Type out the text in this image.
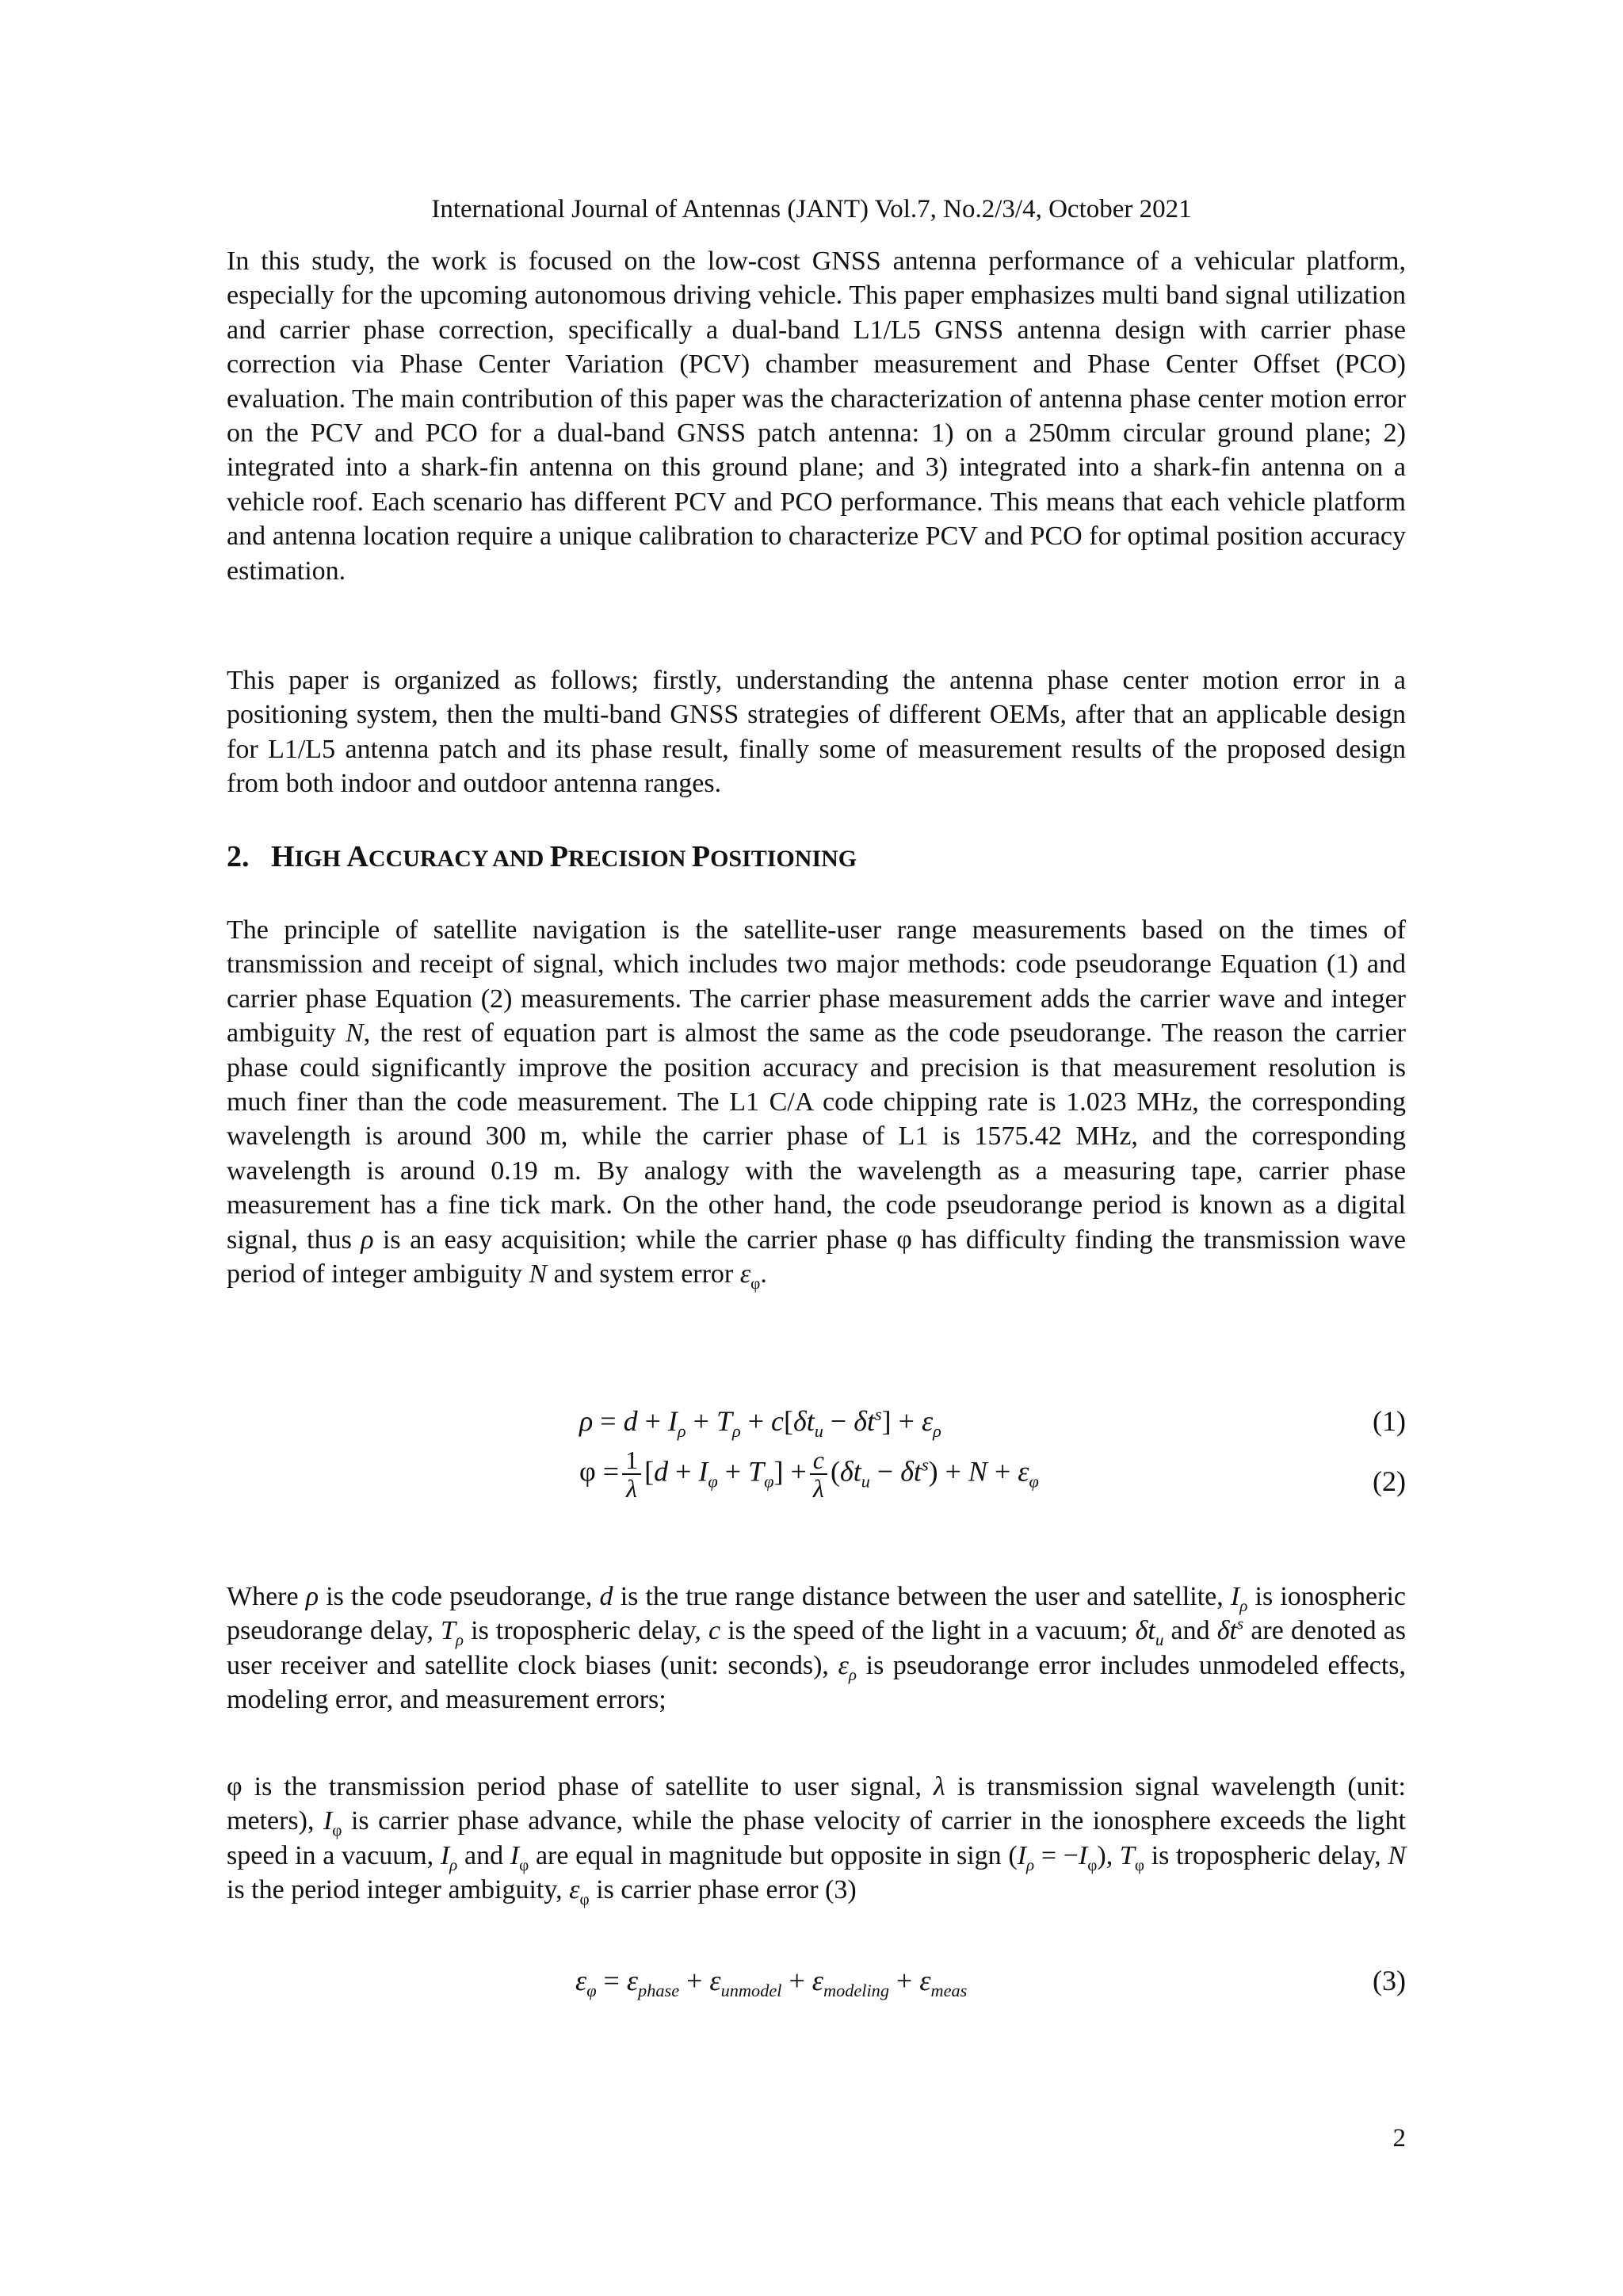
International Journal of Antennas (JANT) Vol.7, No.2/3/4, October 2021

In this study, the work is focused on the low-cost GNSS antenna performance of a vehicular platform, especially for the upcoming autonomous driving vehicle. This paper emphasizes multi band signal utilization and carrier phase correction, specifically a dual-band L1/L5 GNSS antenna design with carrier phase correction via Phase Center Variation (PCV) chamber measurement and Phase Center Offset (PCO) evaluation. The main contribution of this paper was the characterization of antenna phase center motion error on the PCV and PCO for a dual-band GNSS patch antenna: 1) on a 250mm circular ground plane; 2) integrated into a shark-fin antenna on this ground plane; and 3) integrated into a shark-fin antenna on a vehicle roof. Each scenario has different PCV and PCO performance. This means that each vehicle platform and antenna location require a unique calibration to characterize PCV and PCO for optimal position accuracy estimation.

This paper is organized as follows; firstly, understanding the antenna phase center motion error in a positioning system, then the multi-band GNSS strategies of different OEMs, after that an applicable design for L1/L5 antenna patch and its phase result, finally some of measurement results of the proposed design from both indoor and outdoor antenna ranges.

2. HIGH ACCURACY AND PRECISION POSITIONING

The principle of satellite navigation is the satellite-user range measurements based on the times of transmission and receipt of signal, which includes two major methods: code pseudorange Equation (1) and carrier phase Equation (2) measurements. The carrier phase measurement adds the carrier wave and integer ambiguity N, the rest of equation part is almost the same as the code pseudorange. The reason the carrier phase could significantly improve the position accuracy and precision is that measurement resolution is much finer than the code measurement. The L1 C/A code chipping rate is 1.023 MHz, the corresponding wavelength is around 300 m, while the carrier phase of L1 is 1575.42 MHz, and the corresponding wavelength is around 0.19 m. By analogy with the wavelength as a measuring tape, carrier phase measurement has a fine tick mark. On the other hand, the code pseudorange period is known as a digital signal, thus ρ is an easy acquisition; while the carrier phase φ has difficulty finding the transmission wave period of integer ambiguity N and system error $\varepsilon_\varphi$.

$\rho = d + I_\rho + T_\rho + c[\delta t_u - \delta t^s] + \varepsilon_\rho$	(1)
$\varphi = \frac{1}{\lambda} [d + I_\varphi + T_\varphi] + \frac{c}{\lambda} (\delta t_u - \delta t^s) + N + \varepsilon_\varphi$	(2)

Where ρ is the code pseudorange, d is the true range distance between the user and satellite, $I_\rho$ is ionospheric pseudorange delay, $T_\rho$ is tropospheric delay, c is the speed of the light in a vacuum; $\delta t_u$ and $\delta t^s$ are denoted as user receiver and satellite clock biases (unit: seconds), $\varepsilon_\rho$ is pseudorange error includes unmodeled effects, modeling error, and measurement errors;

φ is the transmission period phase of satellite to user signal, λ is transmission signal wavelength (unit: meters), $I_\varphi$ is carrier phase advance, while the phase velocity of carrier in the ionosphere exceeds the light speed in a vacuum, $I_\rho$ and $I_\varphi$ are equal in magnitude but opposite in sign $(I_\rho = -I_\varphi)$, $T_\varphi$ is tropospheric delay, N is the period integer ambiguity, $\varepsilon_\varphi$ is carrier phase error (3)

$\varepsilon_\varphi = \varepsilon_{phase} + \varepsilon_{unmodel} + \varepsilon_{modeling} + \varepsilon_{meas}$	(3)
2
